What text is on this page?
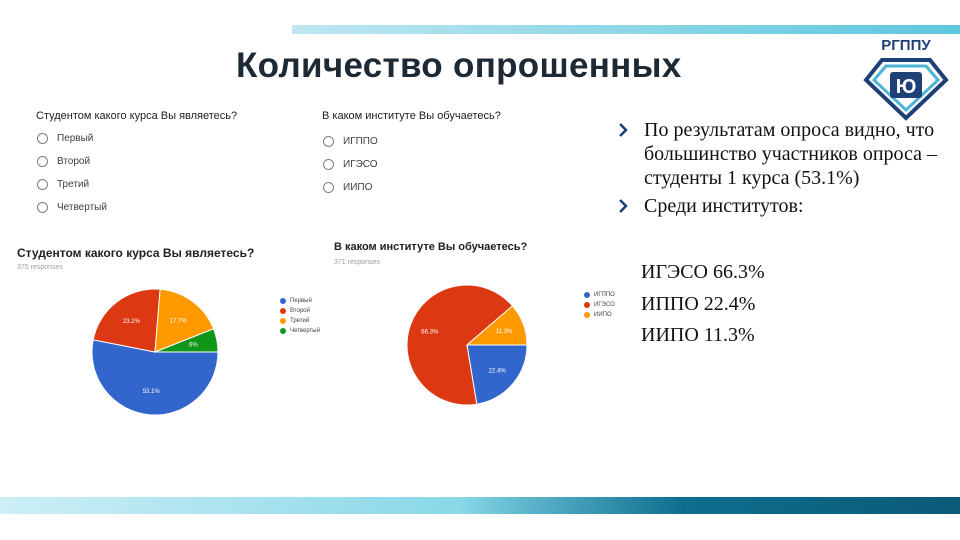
Количество опрошенных
РГППУ
Ю
Студентом какого курса Вы являетесь?
Первый
Второй
Третий
Четвертый
В каком институте Вы обучаетесь?
ИГППО
ИГЭСО
ИИПО
Студентом какого курса Вы являетесь?
375 responses
53.1%
23.2%	17.7%
6%
Первый
Второй
Третий
Четвертый
В каком институте Вы обучаетесь?
371 responses
22.4%
66.3%	11.3%
ИГППО
ИГЭСО
ИИПО
По результатам опроса видно, что большинство участников опроса – студенты 1 курса (53.1%)
Среди институтов:
ИГЭСО 66.3%
ИППО 22.4%
ИИПО 11.3%
